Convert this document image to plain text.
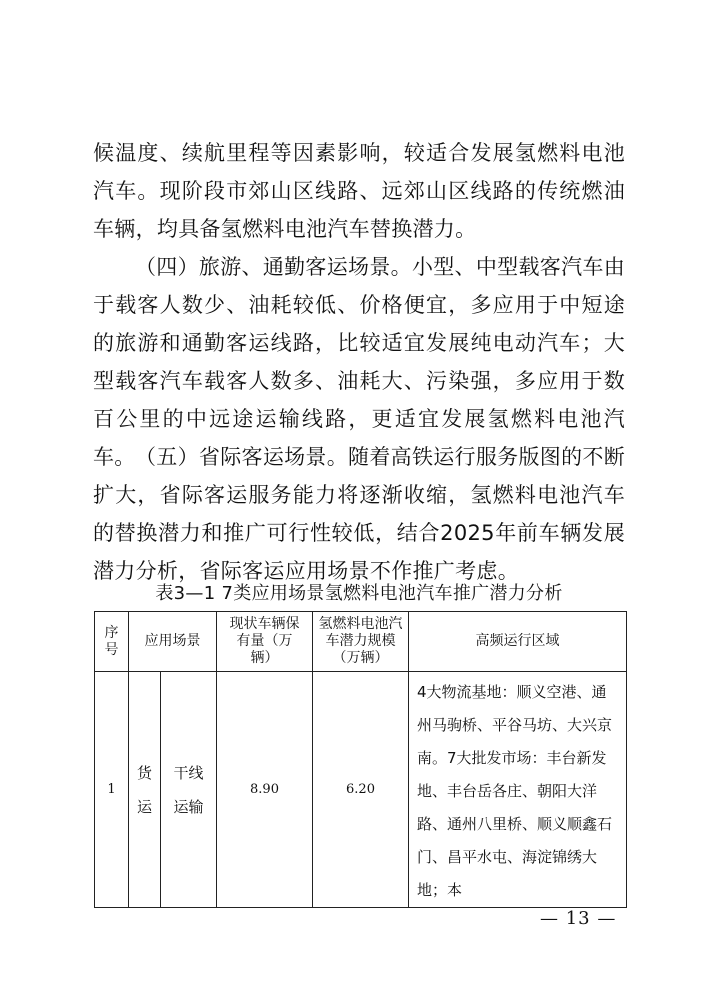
候温度、续航里程等因素影响，较适合发展氢燃料电池汽车。现阶段市郊山区线路、远郊山区线路的传统燃油车辆，均具备氢燃料电池汽车替换潜力。
（四）旅游、通勤客运场景。小型、中型载客汽车由于载客人数少、油耗较低、价格便宜，多应用于中短途的旅游和通勤客运线路，比较适宜发展纯电动汽车；大型载客汽车载客人数多、油耗大、污染强，多应用于数百公里的中远途运输线路，更适宜发展氢燃料电池汽车。 （五）省际客运场景。随着高铁运行服务版图的不断扩大，省际客运服务能力将逐渐收缩，氢燃料电池汽车的替换潜力和推广可行性较低，结合2025年前车辆发展潜力分析，省际客运应用场景不作推广考虑。
表3—1 7类应用场景氢燃料电池汽车推广潜力分析
序号	应用场景		现状车辆保有量（万辆）	氢燃料电池汽车潜力规模（万辆）	高频运行区域
1	货运	干线运输	8.90	6.20	4大物流基地：顺义空港、通州马驹桥、平谷马坊、大兴京南。7大批发市场：丰台新发地、丰台岳各庄、朝阳大洋路、通州八里桥、顺义顺鑫石门、昌平水屯、海淀锦绣大地；本
— 13 —
